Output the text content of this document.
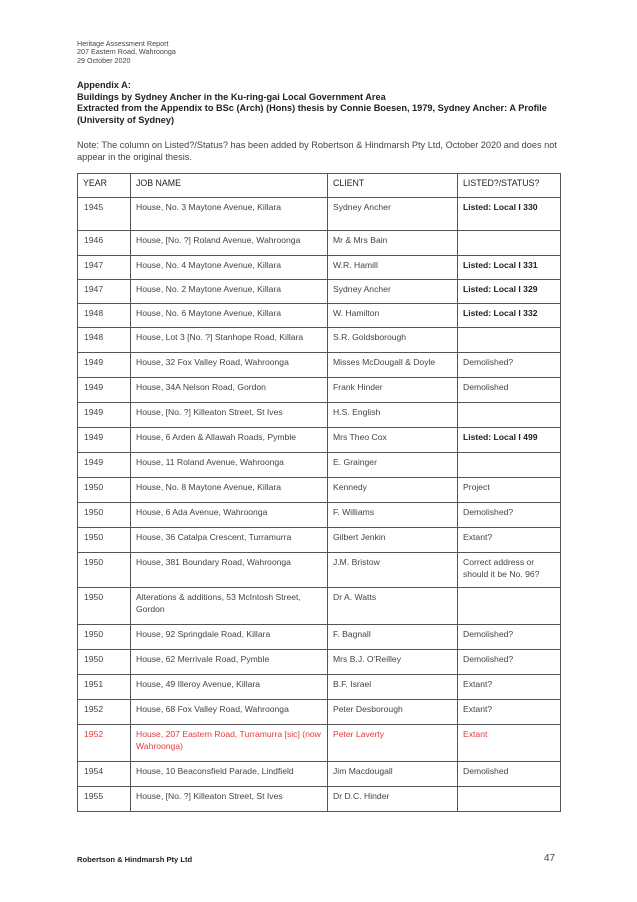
Heritage Assessment Report
207 Eastern Road, Wahroonga
29 October 2020
Appendix A:
Buildings by Sydney Ancher in the Ku-ring-gai Local Government Area
Extracted from the Appendix to BSc (Arch) (Hons) thesis by Connie Boesen, 1979, Sydney Ancher: A Profile
(University of Sydney)
Note: The column on Listed?/Status? has been added by Robertson & Hindmarsh Pty Ltd, October 2020 and does not appear in the original thesis.
YEAR	JOB NAME	CLIENT	LISTED?/STATUS?
1945	House, No. 3 Maytone Avenue, Killara	Sydney Ancher	Listed: Local I 330
1946	House, [No. ?] Roland Avenue, Wahroonga	Mr & Mrs Bain	
1947	House, No. 4 Maytone Avenue, Killara	W.R. Hamill	Listed: Local I 331
1947	House, No. 2 Maytone Avenue, Killara	Sydney Ancher	Listed: Local I 329
1948	House, No. 6 Maytone Avenue, Killara	W. Hamilton	Listed: Local I 332
1948	House, Lot 3 [No. ?] Stanhope Road, Killara	S.R. Goldsborough	
1949	House, 32 Fox Valley Road, Wahroonga	Misses McDougall & Doyle	Demolished?
1949	House, 34A Nelson Road, Gordon	Frank Hinder	Demolished
1949	House, [No. ?] Killeaton Street, St Ives	H.S. English	
1949	House, 6 Arden & Allawah Roads, Pymble	Mrs Theo Cox	Listed: Local I 499
1949	House, 11 Roland Avenue, Wahroonga	E. Grainger	
1950	House, No. 8 Maytone Avenue, Killara	Kennedy	Project
1950	House, 6 Ada Avenue, Wahroonga	F. Williams	Demolished?
1950	House, 36 Catalpa Crescent, Turramurra	Gilbert Jenkin	Extant?
1950	House, 381 Boundary Road, Wahroonga	J.M. Bristow	Correct address or should it be No. 96?
1950	Alterations & additions, 53 McIntosh Street, Gordon	Dr A. Watts	
1950	House, 92 Springdale Road, Killara	F. Bagnall	Demolished?
1950	House, 62 Merrivale Road, Pymble	Mrs B.J. O'Reilley	Demolished?
1951	House, 49 Illeroy Avenue, Killara	B.F. Israel	Extant?
1952	House, 68 Fox Valley Road, Wahroonga	Peter Desborough	Extant?
1952	House, 207 Eastern Road, Turramurra [sic] (now Wahroonga)	Peter Laverty	Extant
1954	House, 10 Beaconsfield Parade, Lindfield	Jim Macdougall	Demolished
1955	House, [No. ?] Killeaton Street, St Ives	Dr D.C. Hinder	
Robertson & Hindmarsh Pty Ltd	47
